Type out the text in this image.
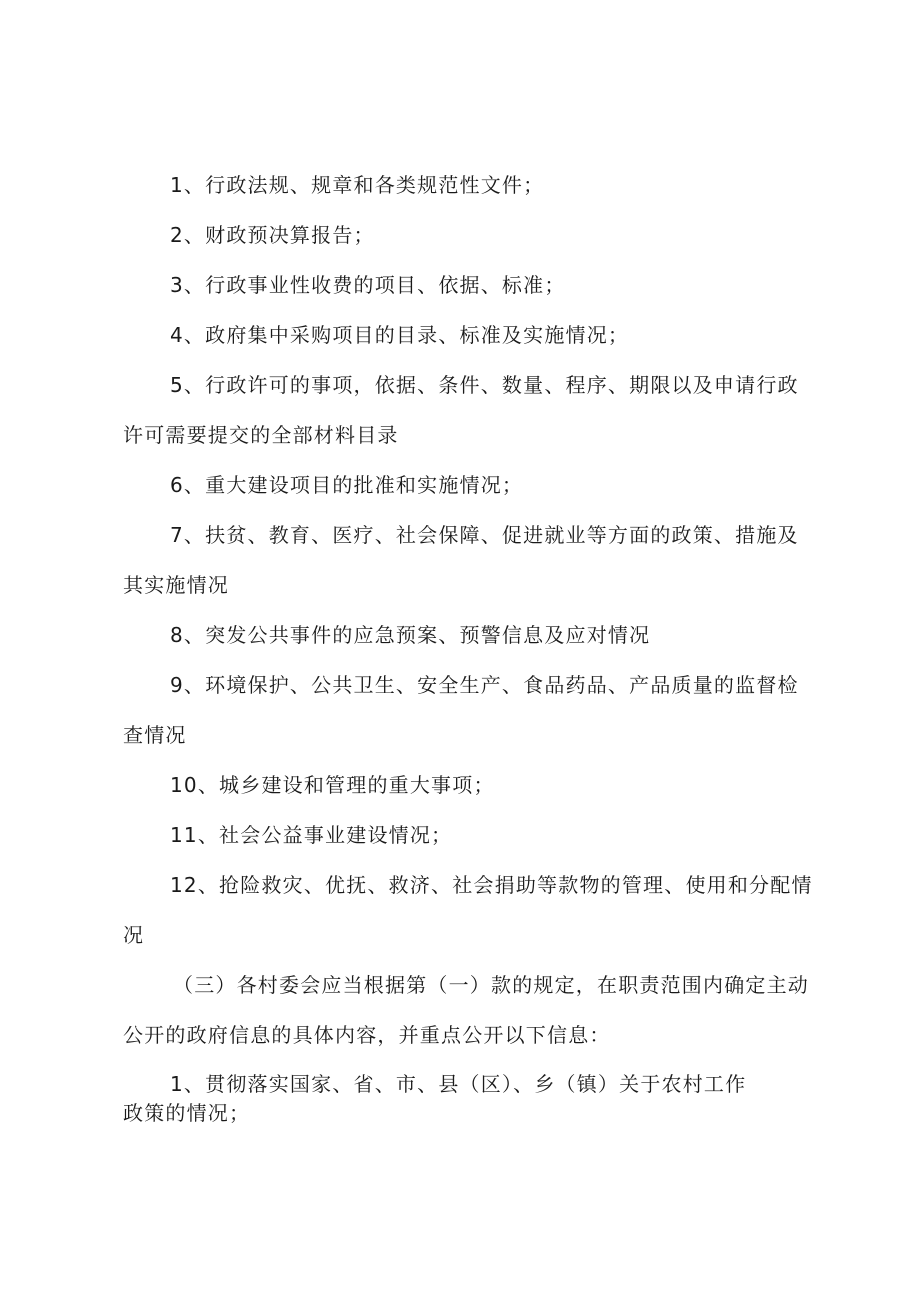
1、行政法规、规章和各类规范性文件；
2、财政预决算报告；
3、行政事业性收费的项目、依据、标准；
4、政府集中采购项目的目录、标准及实施情况；
5、行政许可的事项，依据、条件、数量、程序、期限以及申请行政许可需要提交的全部材料目录
6、重大建设项目的批准和实施情况；
7、扶贫、教育、医疗、社会保障、促进就业等方面的政策、措施及其实施情况
8、突发公共事件的应急预案、预警信息及应对情况
9、环境保护、公共卫生、安全生产、食品药品、产品质量的监督检查情况
10、城乡建设和管理的重大事项；
11、社会公益事业建设情况；
12、抢险救灾、优抚、救济、社会捐助等款物的管理、使用和分配情况
（三）各村委会应当根据第（一）款的规定，在职责范围内确定主动公开的政府信息的具体内容，并重点公开以下信息：
1、贯彻落实国家、省、市、县（区）、乡（镇）关于农村工作
政策的情况；
